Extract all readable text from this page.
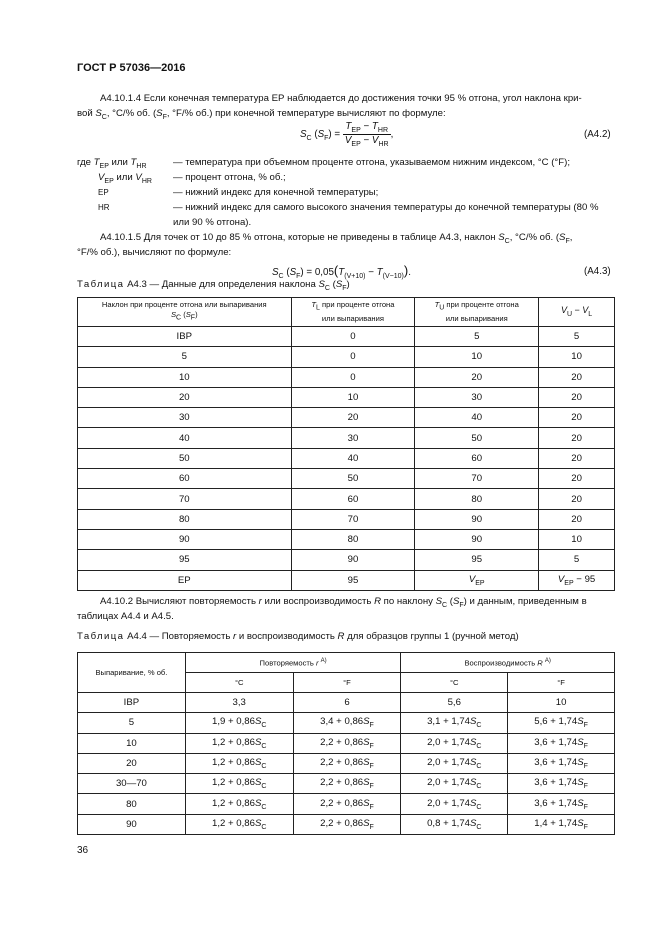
ГОСТ Р 57036—2016
А4.10.1.4 Если конечная температура ЕР наблюдается до достижения точки 95 % отгона, угол наклона кри-
вой $S_C$, °С/% об. ($S_F$, °F/% об.) при конечной температуре вычисляют по формуле:
$S_C$ $(S_F) = \frac{T_{EP} - T_{HR}}{V_{EP} - V_{HR}}$ ,	(А4.2)
где $T_{EP}$ или $T_{HR}$	— температура при объемном проценте отгона, указываемом нижним индексом, °С (°F);
$V_{EP}$ или $V_{HR}$ — процент отгона, % об.;
ЕР	— нижний индекс для конечной температуры;
HR	— нижний индекс для самого высокого значения температуры до конечной температуры (80 %
или 90 % отгона).
А4.10.1.5 Для точек от 10 до 85 % отгона, которые не приведены в таблице А4.3, наклон $S_C$, °С/% об. ($S_F$,
°F/% об.), вычисляют по формуле:
$S_C$ $(S_F) = 0,05(T_{(V+10)} - T_{(V-10)})$.	(А4.3)
Таблица А4.3 — Данные для определения наклона $S_C$ $(S_F)$
Наклон при проценте отгона или выпаривания
$S_C$ $(S_F)$	$T_L$ при проценте отгона
или выпаривания	$T_U$ при проценте отгона
или выпаривания	$V_U - V_L$
IBP	0	5	5
5	0	10	10
10	0	20	20
20	10	30	20
30	20	40	20
40	30	50	20
50	40	60	20
60	50	70	20
70	60	80	20
80	70	90	20
90	80	90	10
95	90	95	5
EP	95	$V_{EP}$	$V_{EP} - 95$
А4.10.2 Вычисляют повторяемость r или воспроизводимость R по наклону $S_C$ $(S_F)$ и данным, приведенным в
таблицах А4.4 и А4.5.
Таблица А4.4 — Повторяемость r и воспроизводимость R для образцов группы 1 (ручной метод)
Выпаривание, % об.	Повторяемость r $^{А)}$		Воспроизводимость R $^{А)}$
	°С	°F	°С	°F
IBP	3,3	6	5,6	10
5	$1,9 + 0,86S_C$	$3,4 + 0,86S_F$	$3,1 + 1,74S_C$	$5,6 + 1,74S_F$
10	$1,2 + 0,86S_C$	$2,2 + 0,86S_F$	$2,0 + 1,74S_C$	$3,6 + 1,74S_F$
20	$1,2 + 0,86S_C$	$2,2 + 0,86S_F$	$2,0 + 1,74S_C$	$3,6 + 1,74S_F$
30—70	$1,2 + 0,86S_C$	$2,2 + 0,86S_F$	$2,0 + 1,74S_C$	$3,6 + 1,74S_F$
80	$1,2 + 0,86S_C$	$2,2 + 0,86S_F$	$2,0 + 1,74S_C$	$3,6 + 1,74S_F$
90	$1,2 + 0,86S_C$	$2,2 + 0,86S_F$	$0,8 + 1,74S_C$	$1,4 + 1,74S_F$
36
